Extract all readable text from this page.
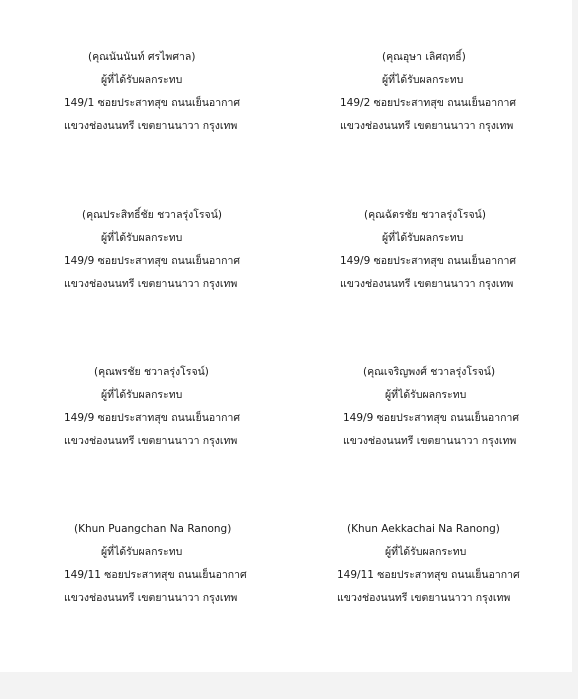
(คุณนันนันท์ ศรไพศาล)
ผู้ที่ได้รับผลกระทบ
149/1 ซอยประสาทสุข ถนนเย็นอากาศ
แขวงช่องนนทรี เขตยานนาวา กรุงเทพ
(คุณอุษา เลิศฤทธิ์)
ผู้ที่ได้รับผลกระทบ
149/2 ซอยประสาทสุข ถนนเย็นอากาศ
แขวงช่องนนทรี เขตยานนาวา กรุงเทพ
(คุณประสิทธิ์ชัย ชวาลรุ่งโรจน์)
ผู้ที่ได้รับผลกระทบ
149/9 ซอยประสาทสุข ถนนเย็นอากาศ
แขวงช่องนนทรี เขตยานนาวา กรุงเทพ
(คุณฉัตรชัย ชวาลรุ่งโรจน์)
ผู้ที่ได้รับผลกระทบ
149/9 ซอยประสาทสุข ถนนเย็นอากาศ
แขวงช่องนนทรี เขตยานนาวา กรุงเทพ
(คุณพรชัย ชวาลรุ่งโรจน์)
ผู้ที่ได้รับผลกระทบ
149/9 ซอยประสาทสุข ถนนเย็นอากาศ
แขวงช่องนนทรี เขตยานนาวา กรุงเทพ
(คุณเจริญพงศ์ ชวาลรุ่งโรจน์)
ผู้ที่ได้รับผลกระทบ
149/9 ซอยประสาทสุข ถนนเย็นอากาศ
แขวงช่องนนทรี เขตยานนาวา กรุงเทพ
(Khun Puangchan Na Ranong)
ผู้ที่ได้รับผลกระทบ
149/11 ซอยประสาทสุข ถนนเย็นอากาศ
แขวงช่องนนทรี เขตยานนาวา กรุงเทพ
(Khun Aekkachai Na Ranong)
ผู้ที่ได้รับผลกระทบ
149/11 ซอยประสาทสุข ถนนเย็นอากาศ
แขวงช่องนนทรี เขตยานนาวา กรุงเทพ
